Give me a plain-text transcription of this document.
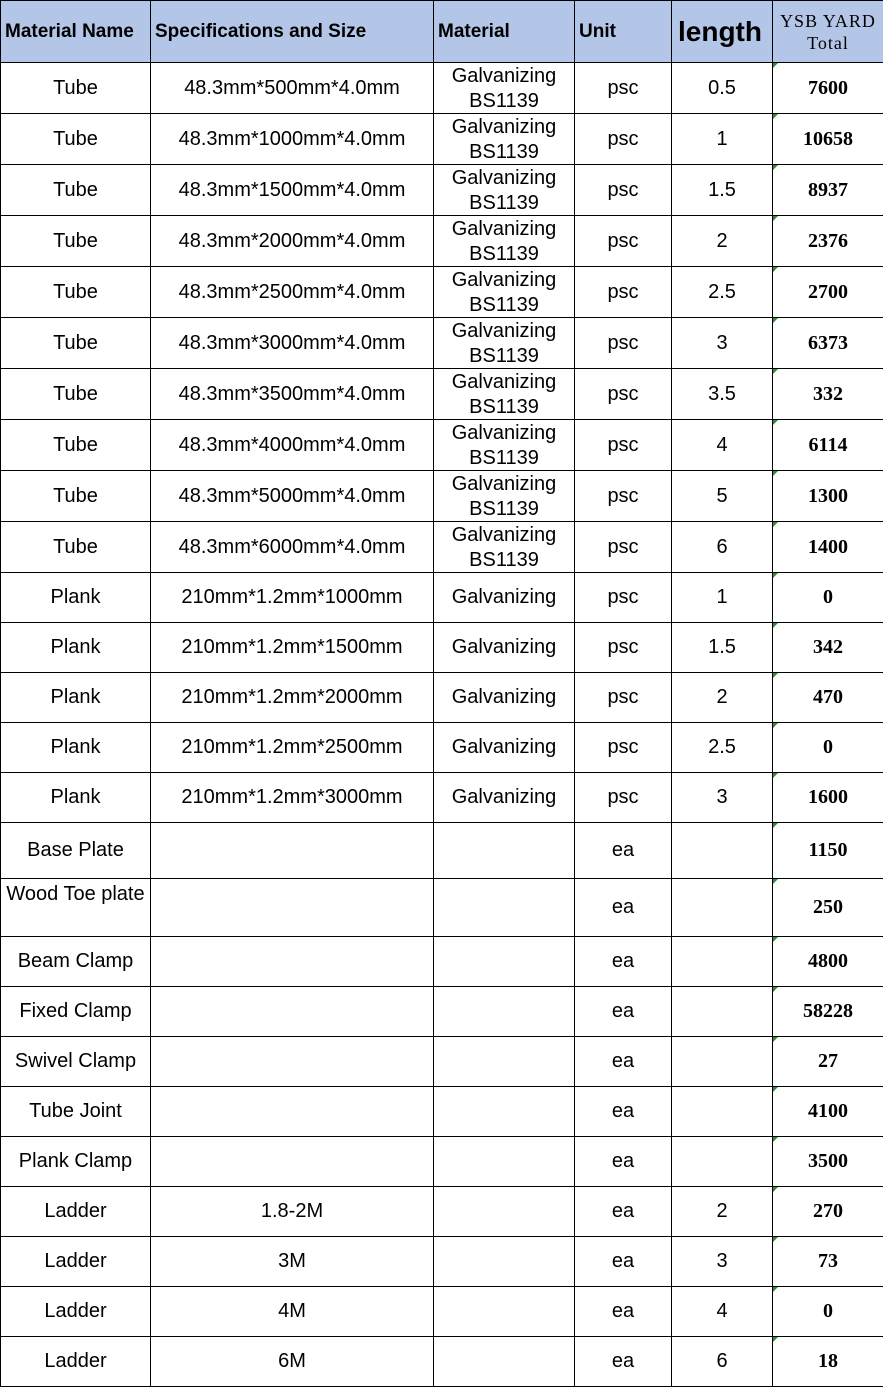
Material Name	Specifications and Size	Material	Unit	length	YSB YARD
Total

Tube	48.3mm*500mm*4.0mm	Galvanizing BS1139	psc	0.5	7600
Tube	48.3mm*1000mm*4.0mm	Galvanizing BS1139	psc	1	10658
Tube	48.3mm*1500mm*4.0mm	Galvanizing BS1139	psc	1.5	8937
Tube	48.3mm*2000mm*4.0mm	Galvanizing BS1139	psc	2	2376
Tube	48.3mm*2500mm*4.0mm	Galvanizing BS1139	psc	2.5	2700
Tube	48.3mm*3000mm*4.0mm	Galvanizing BS1139	psc	3	6373
Tube	48.3mm*3500mm*4.0mm	Galvanizing BS1139	psc	3.5	332
Tube	48.3mm*4000mm*4.0mm	Galvanizing BS1139	psc	4	6114
Tube	48.3mm*5000mm*4.0mm	Galvanizing BS1139	psc	5	1300
Tube	48.3mm*6000mm*4.0mm	Galvanizing BS1139	psc	6	1400
Plank	210mm*1.2mm*1000mm	Galvanizing	psc	1	0
Plank	210mm*1.2mm*1500mm	Galvanizing	psc	1.5	342
Plank	210mm*1.2mm*2000mm	Galvanizing	psc	2	470
Plank	210mm*1.2mm*2500mm	Galvanizing	psc	2.5	0
Plank	210mm*1.2mm*3000mm	Galvanizing	psc	3	1600
Base Plate			ea		1150

Wood Toe plate			ea		250
Beam Clamp			ea		4800
Fixed Clamp			ea		58228
Swivel Clamp			ea		27
Tube Joint			ea		4100
Plank Clamp			ea		3500
Ladder	1.8-2M		ea	2	270
Ladder	3M		ea	3	73
Ladder	4M		ea	4	0
Ladder	6M		ea	6	18
